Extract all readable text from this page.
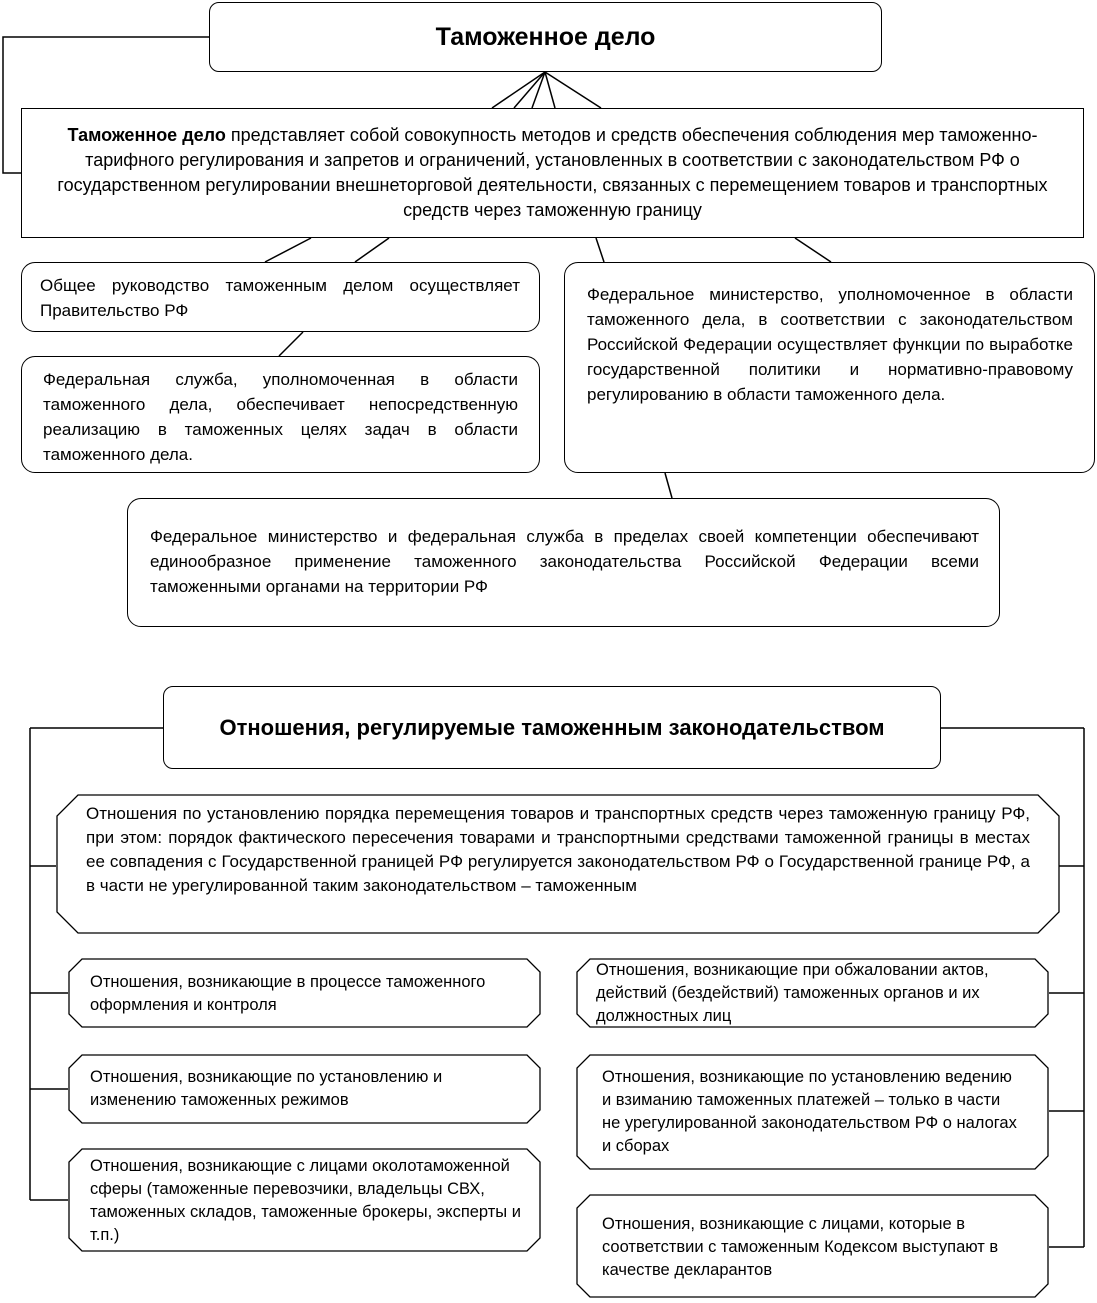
Таможенное дело
Таможенное дело представляет собой совокупность методов и средств обеспечения соблюдения мер таможенно-тарифного регулирования и запретов и ограничений, установленных в соответствии с законодательством РФ о государственном регулировании внешнеторговой деятельности, связанных с перемещением товаров и транспортных средств через таможенную границу
Общее руководство таможенным делом осуществляет Правительство РФ
Федеральная служба, уполномоченная в области таможенного дела, обеспечивает непосредственную реализацию в таможенных целях задач в области таможенного дела.
Федеральное министерство, уполномоченное в области таможенного дела, в соответствии с законодательством Российской Федерации осуществляет функции по выработке государственной политики и нормативно-правовому регулированию в области таможенного дела.
Федеральное министерство и федеральная служба в пределах своей компетенции обеспечивают единообразное применение таможенного законодательства Российской Федерации всеми таможенными органами на территории РФ
Отношения, регулируемые таможенным законодательством
Отношения по установлению порядка перемещения товаров и транспортных средств через таможенную границу РФ, при этом: порядок фактического пересечения товарами и транспортными средствами таможенной границы в местах ее совпадения с Государственной границей РФ регулируется законодательством РФ о Государственной границе РФ, а в части не урегулированной таким законодательством – таможенным
Отношения, возникающие в процессе таможенного оформления и контроля
Отношения, возникающие по установлению и изменению таможенных режимов
Отношения, возникающие с лицами околотаможенной сферы (таможенные перевозчики, владельцы СВХ, таможенных складов, таможенные брокеры, эксперты и т.п.)
Отношения, возникающие при обжаловании актов, действий (бездействий) таможенных органов и их должностных лиц
Отношения, возникающие по установлению ведению и взиманию таможенных платежей – только в части не урегулированной законодательством РФ о налогах и сборах
Отношения, возникающие с лицами, которые в соответствии с таможенным Кодексом выступают в качестве декларантов
